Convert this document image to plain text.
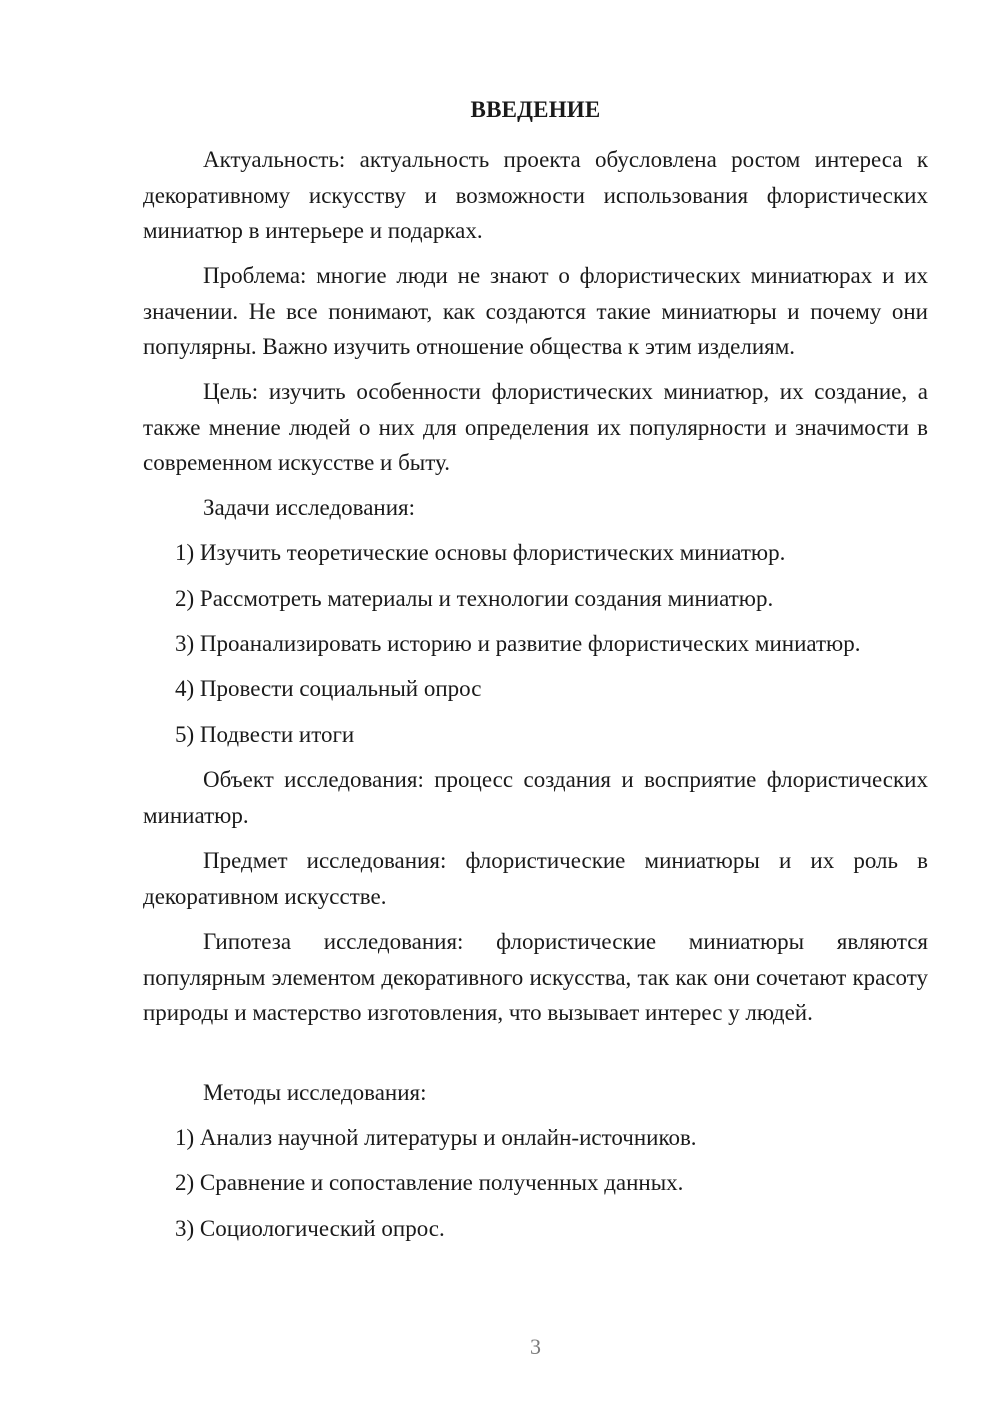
ВВЕДЕНИЕ

Актуальность: актуальность проекта обусловлена ростом интереса к декоративному искусству и возможности использования флористических миниатюр в интерьере и подарках.

Проблема: многие люди не знают о флористических миниатюрах и их значении. Не все понимают, как создаются такие миниатюры и почему они популярны. Важно изучить отношение общества к этим изделиям.

Цель: изучить особенности флористических миниатюр, их создание, а также мнение людей о них для определения их популярности и значимости в современном искусстве и быту.

Задачи исследования:

1) Изучить теоретические основы флористических миниатюр.

2) Рассмотреть материалы и технологии создания миниатюр.

3) Проанализировать историю и развитие флористических миниатюр.

4) Провести социальный опрос

5) Подвести итоги

Объект исследования: процесс создания и восприятие флористических миниатюр.

Предмет исследования: флористические миниатюры и их роль в декоративном искусстве.

Гипотеза исследования: флористические миниатюры являются популярным элементом декоративного искусства, так как они сочетают красоту природы и мастерство изготовления, что вызывает интерес у людей.

Методы исследования:

1) Анализ научной литературы и онлайн-источников.

2) Сравнение и сопоставление полученных данных.

3) Социологический опрос.

3
